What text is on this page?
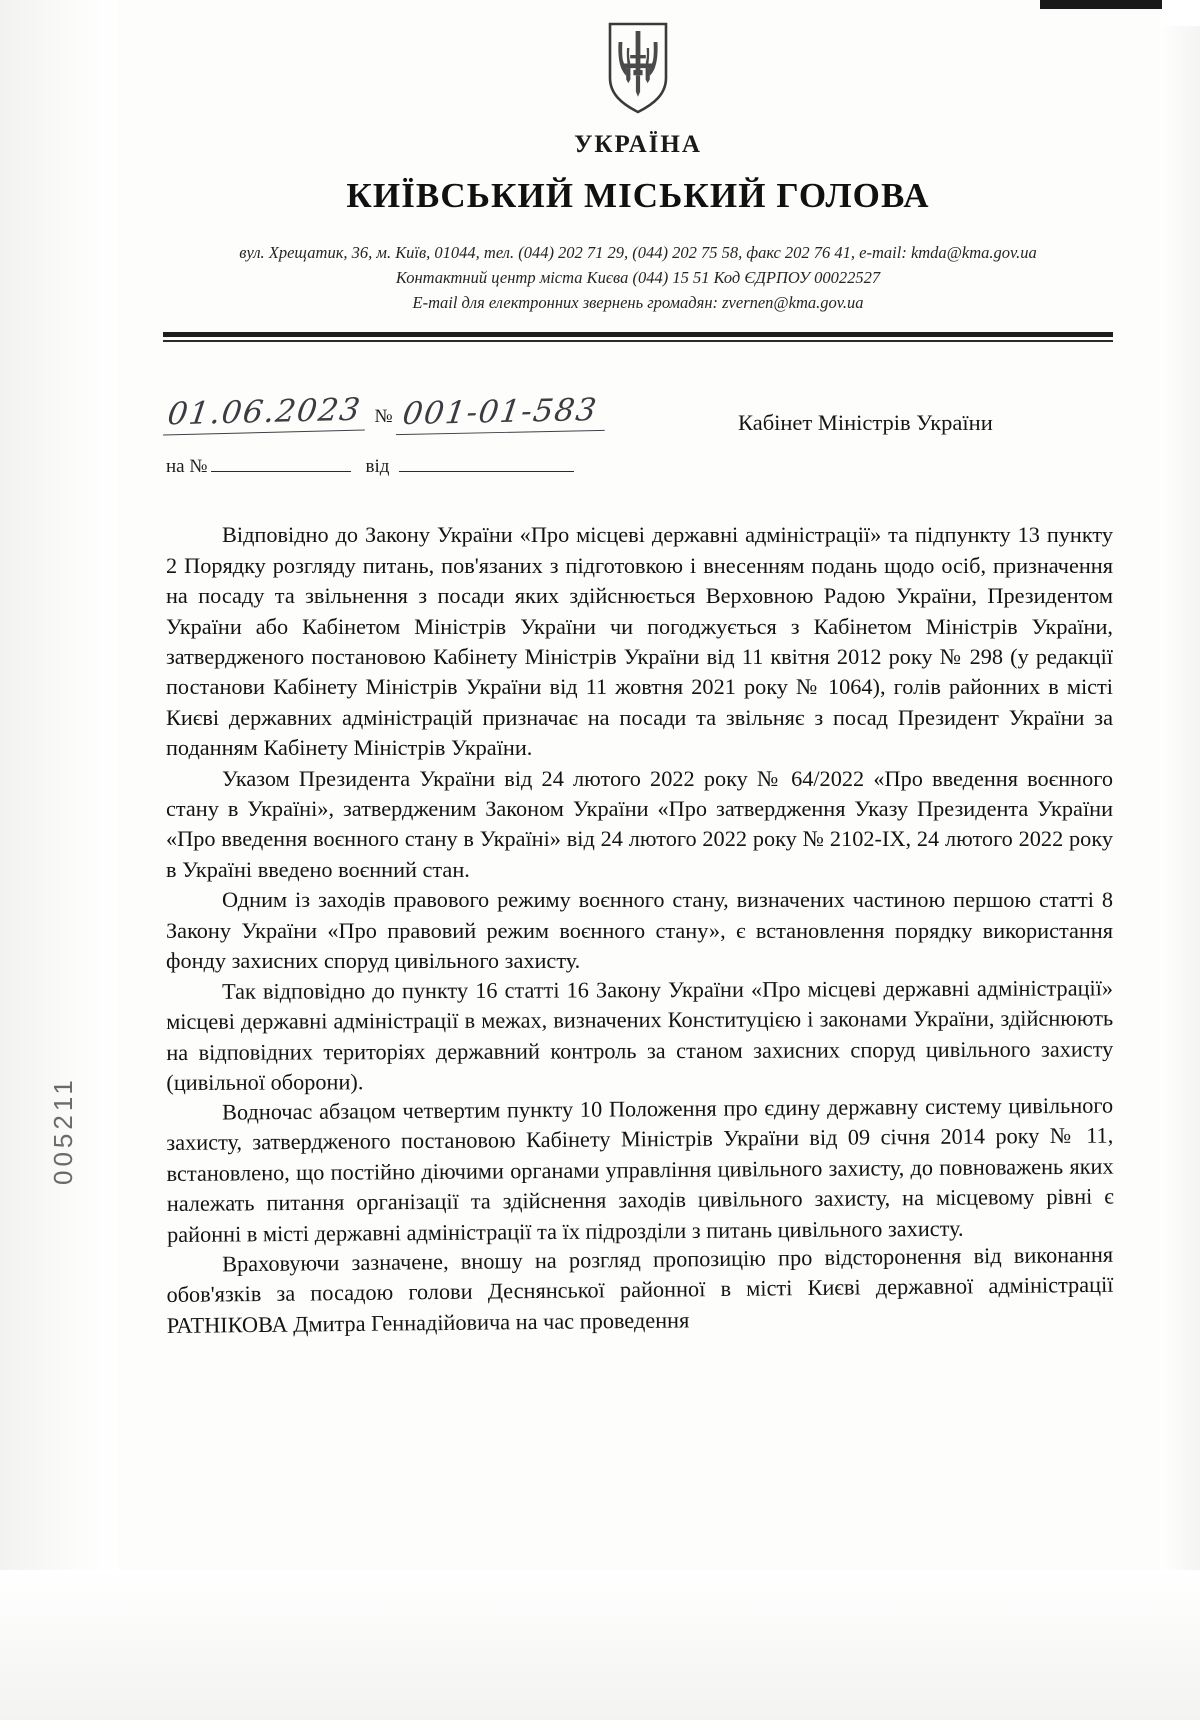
005211
УКРАЇНА
КИЇВСЬКИЙ МІСЬКИЙ ГОЛОВА
вул. Хрещатик, 36, м. Київ, 01044, тел. (044) 202 71 29, (044) 202 75 58, факс 202 76 41, e-mail: kmda@kma.gov.ua
Контактний центр міста Києва (044) 15 51 Код ЄДРПОУ 00022527
E-mail для електронних звернень громадян: zvernen@kma.gov.ua
01.06.2023 № 001-01-583
на №	від
Кабінет Міністрів України

Відповідно до Закону України «Про місцеві державні адміністрації» та підпункту 13 пункту 2 Порядку розгляду питань, пов'язаних з підготовкою і внесенням подань щодо осіб, призначення на посаду та звільнення з посади яких здійснюється Верховною Радою України, Президентом України або Кабінетом Міністрів України чи погоджується з Кабінетом Міністрів України, затвердженого постановою Кабінету Міністрів України від 11 квітня 2012 року № 298 (у редакції постанови Кабінету Міністрів України від 11 жовтня 2021 року № 1064), голів районних в місті Києві державних адміністрацій призначає на посади та звільняє з посад Президент України за поданням Кабінету Міністрів України.

Указом Президента України від 24 лютого 2022 року № 64/2022 «Про введення воєнного стану в Україні», затвердженим Законом України «Про затвердження Указу Президента України «Про введення воєнного стану в Україні» від 24 лютого 2022 року № 2102-ІХ, 24 лютого 2022 року в Україні введено воєнний стан.

Одним із заходів правового режиму воєнного стану, визначених частиною першою статті 8 Закону України «Про правовий режим воєнного стану», є встановлення порядку використання фонду захисних споруд цивільного захисту.

Так відповідно до пункту 16 статті 16 Закону України «Про місцеві державні адміністрації» місцеві державні адміністрації в межах, визначених Конституцією і законами України, здійснюють на відповідних територіях державний контроль за станом захисних споруд цивільного захисту (цивільної оборони).

Водночас абзацом четвертим пункту 10 Положення про єдину державну систему цивільного захисту, затвердженого постановою Кабінету Міністрів України від 09 січня 2014 року № 11, встановлено, що постійно діючими органами управління цивільного захисту, до повноважень яких належать питання організації та здійснення заходів цивільного захисту, на місцевому рівні є районні в місті державні адміністрації та їх підрозділи з питань цивільного захисту.

Враховуючи зазначене, вношу на розгляд пропозицію про відсторонення від виконання обов'язків за посадою голови Деснянської районної в місті Києві державної адміністрації РАТНІКОВА Дмитра Геннадійовича на час проведення
